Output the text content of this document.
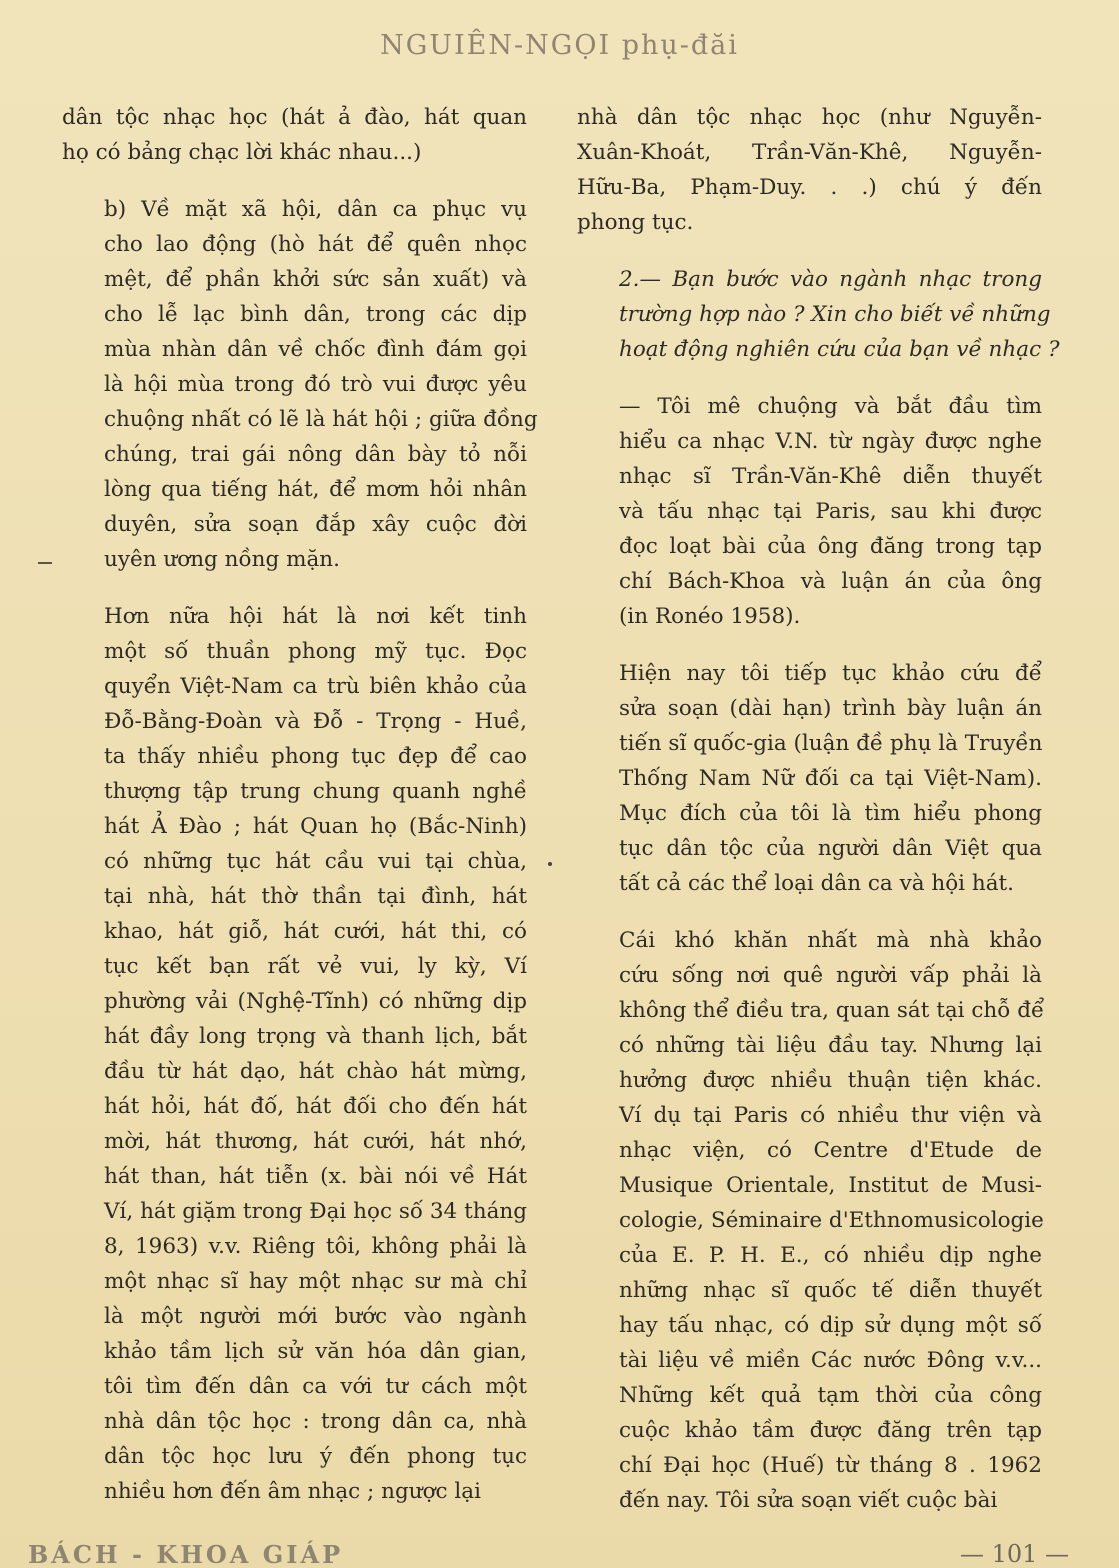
NGUIÊN-NGỌI phụ-đăi

dân tộc nhạc học (hát ả đào, hát quan
họ có bảng chạc lời khác nhau...)

b) Về mặt xã hội, dân ca phục vụ
cho lao động (hò hát để quên nhọc
mệt, để phần khởi sức sản xuất) và
cho lễ lạc bình dân, trong các dịp
mùa nhàn dân về chốc đình đám gọi
là hội mùa trong đó trò vui được yêu
chuộng nhất có lẽ là hát hội ; giữa đồng
chúng, trai gái nông dân bày tỏ nỗi
lòng qua tiếng hát, để mơm hỏi nhân
duyên, sửa soạn đắp xây cuộc đời
uyên ương nồng mặn.

Hơn nữa hội hát là nơi kết tinh
một số thuần phong mỹ tục. Đọc
quyển Việt-Nam ca trù biên khảo của
Đỗ-Bằng-Đoàn và Đỗ - Trọng - Huề,
ta thấy nhiều phong tục đẹp để cao
thượng tập trung chung quanh nghề
hát Ả Đào ; hát Quan họ (Bắc-Ninh)
có những tục hát cầu vui tại chùa,
tại nhà, hát thờ thần tại đình, hát
khao, hát giỗ, hát cưới, hát thi, có
tục kết bạn rất vẻ vui, ly kỳ, Ví
phường vải (Nghệ-Tĩnh) có những dịp
hát đầy long trọng và thanh lịch, bắt
đầu từ hát dạo, hát chào hát mừng,
hát hỏi, hát đố, hát đối cho đến hát
mời, hát thương, hát cưới, hát nhớ,
hát than, hát tiễn (x. bài nói về Hát
Ví, hát giặm trong Đại học số 34 tháng
8, 1963) v.v. Riêng tôi, không phải là
một nhạc sĩ hay một nhạc sư mà chỉ
là một người mới bước vào ngành
khảo tầm lịch sử văn hóa dân gian,
tôi tìm đến dân ca với tư cách một
nhà dân tộc học : trong dân ca, nhà
dân tộc học lưu ý đến phong tục
nhiều hơn đến âm nhạc ; ngược lại

nhà dân tộc nhạc học (như Nguyễn-
Xuân-Khoát, Trần-Văn-Khê, Nguyễn-
Hữu-Ba, Phạm-Duy. . .) chú ý đến
phong tục.

2.— Bạn bước vào ngành nhạc trong
trường hợp nào ? Xin cho biết về những
hoạt động nghiên cứu của bạn về nhạc ?

— Tôi mê chuộng và bắt đầu tìm
hiểu ca nhạc V.N. từ ngày được nghe
nhạc sĩ Trần-Văn-Khê diễn thuyết
và tấu nhạc tại Paris, sau khi được
đọc loạt bài của ông đăng trong tạp
chí Bách-Khoa và luận án của ông
(in Ronéo 1958).

Hiện nay tôi tiếp tục khảo cứu để
sửa soạn (dài hạn) trình bày luận án
tiến sĩ quốc-gia (luận đề phụ là Truyền
Thống Nam Nữ đối ca tại Việt-Nam).
Mục đích của tôi là tìm hiểu phong
tục dân tộc của người dân Việt qua
tất cả các thể loại dân ca và hội hát.

Cái khó khăn nhất mà nhà khảo
cứu sống nơi quê người vấp phải là
không thể điều tra, quan sát tại chỗ để
có những tài liệu đầu tay. Nhưng lại
hưởng được nhiều thuận tiện khác.
Ví dụ tại Paris có nhiều thư viện và
nhạc viện, có Centre d'Etude de
Musique Orientale, Institut de Musi-
cologie, Séminaire d'Ethnomusicologie
của E. P. H. E., có nhiều dịp nghe
những nhạc sĩ quốc tế diễn thuyết
hay tấu nhạc, có dịp sử dụng một số
tài liệu về miền Các nước Đông v.v...
Những kết quả tạm thời của công
cuộc khảo tầm được đăng trên tạp
chí Đại học (Huế) từ tháng 8 . 1962
đến nay. Tôi sửa soạn viết cuộc bài

BÁCH - KHOA GIÁP	— 101 —
